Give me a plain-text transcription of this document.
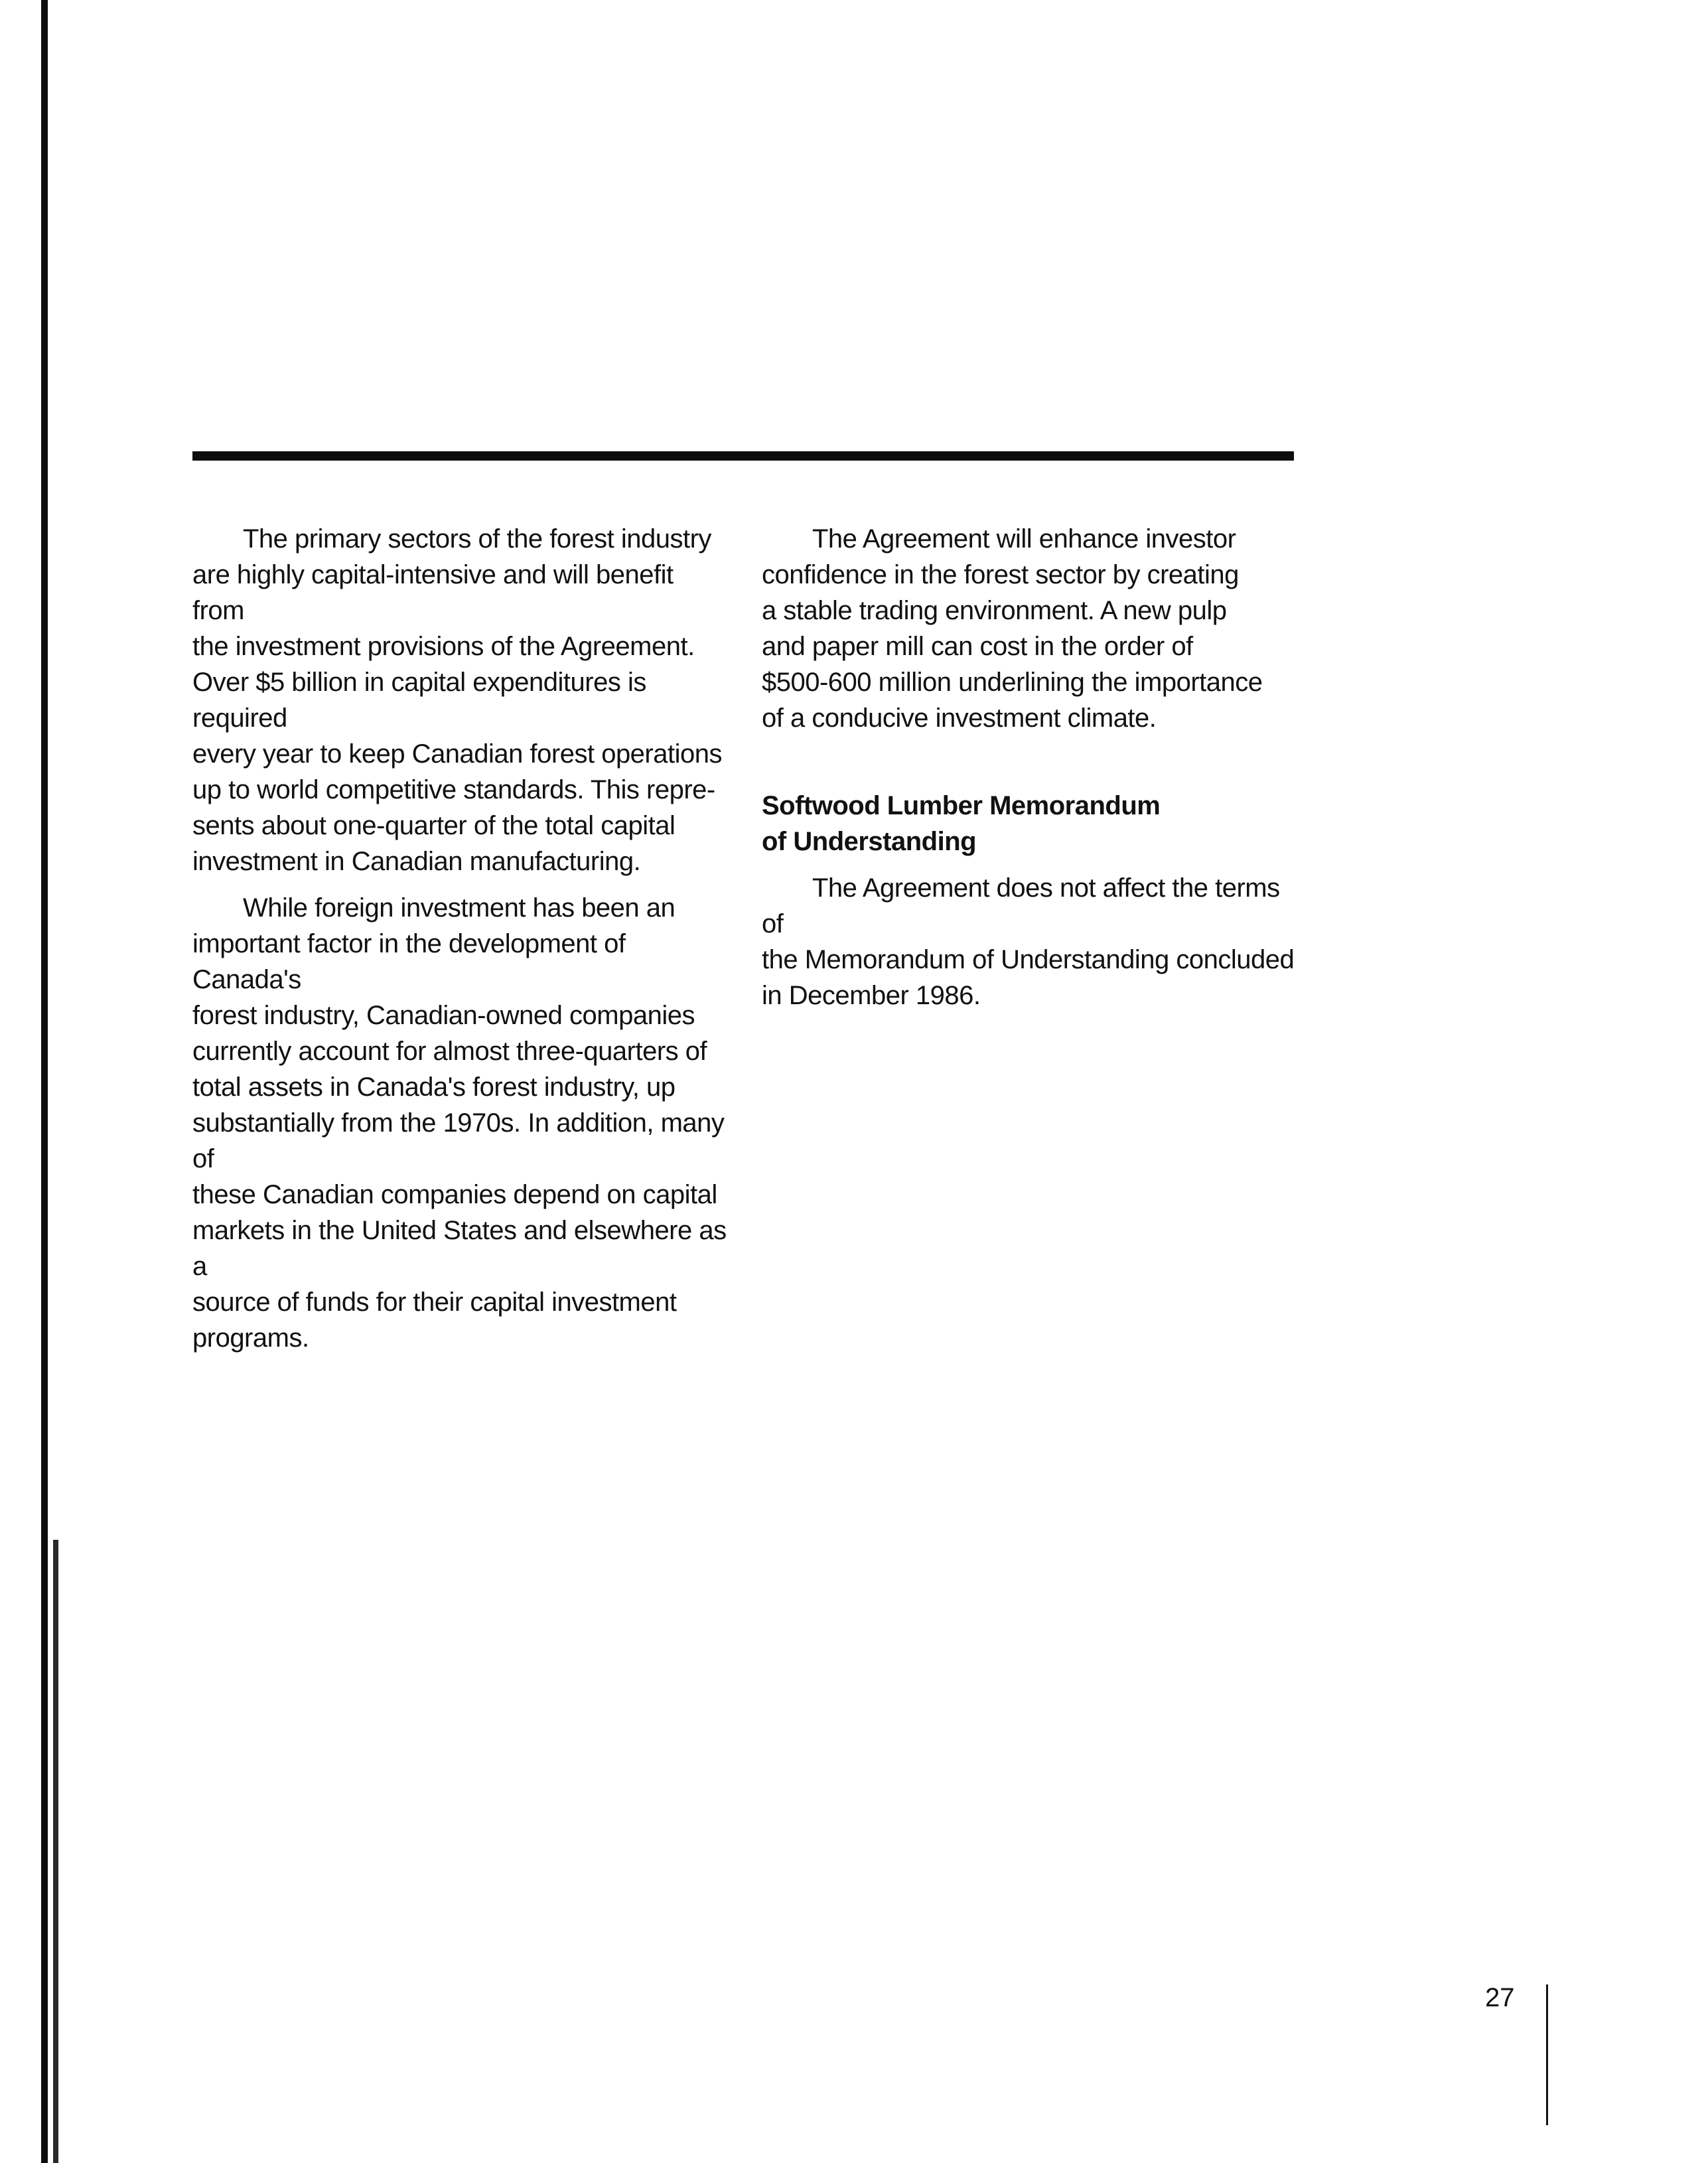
The primary sectors of the forest industry
are highly capital-intensive and will benefit from
the investment provisions of the Agreement.
Over $5 billion in capital expenditures is required
every year to keep Canadian forest operations
up to world competitive standards. This repre-
sents about one-quarter of the total capital
investment in Canadian manufacturing.

While foreign investment has been an
important factor in the development of Canada's
forest industry, Canadian-owned companies
currently account for almost three-quarters of
total assets in Canada's forest industry, up
substantially from the 1970s. In addition, many of
these Canadian companies depend on capital
markets in the United States and elsewhere as a
source of funds for their capital investment
programs.

The Agreement will enhance investor
confidence in the forest sector by creating
a stable trading environment. A new pulp
and paper mill can cost in the order of
$500-600 million underlining the importance
of a conducive investment climate.

Softwood Lumber Memorandum
of Understanding

The Agreement does not affect the terms of
the Memorandum of Understanding concluded
in December 1986.

27
